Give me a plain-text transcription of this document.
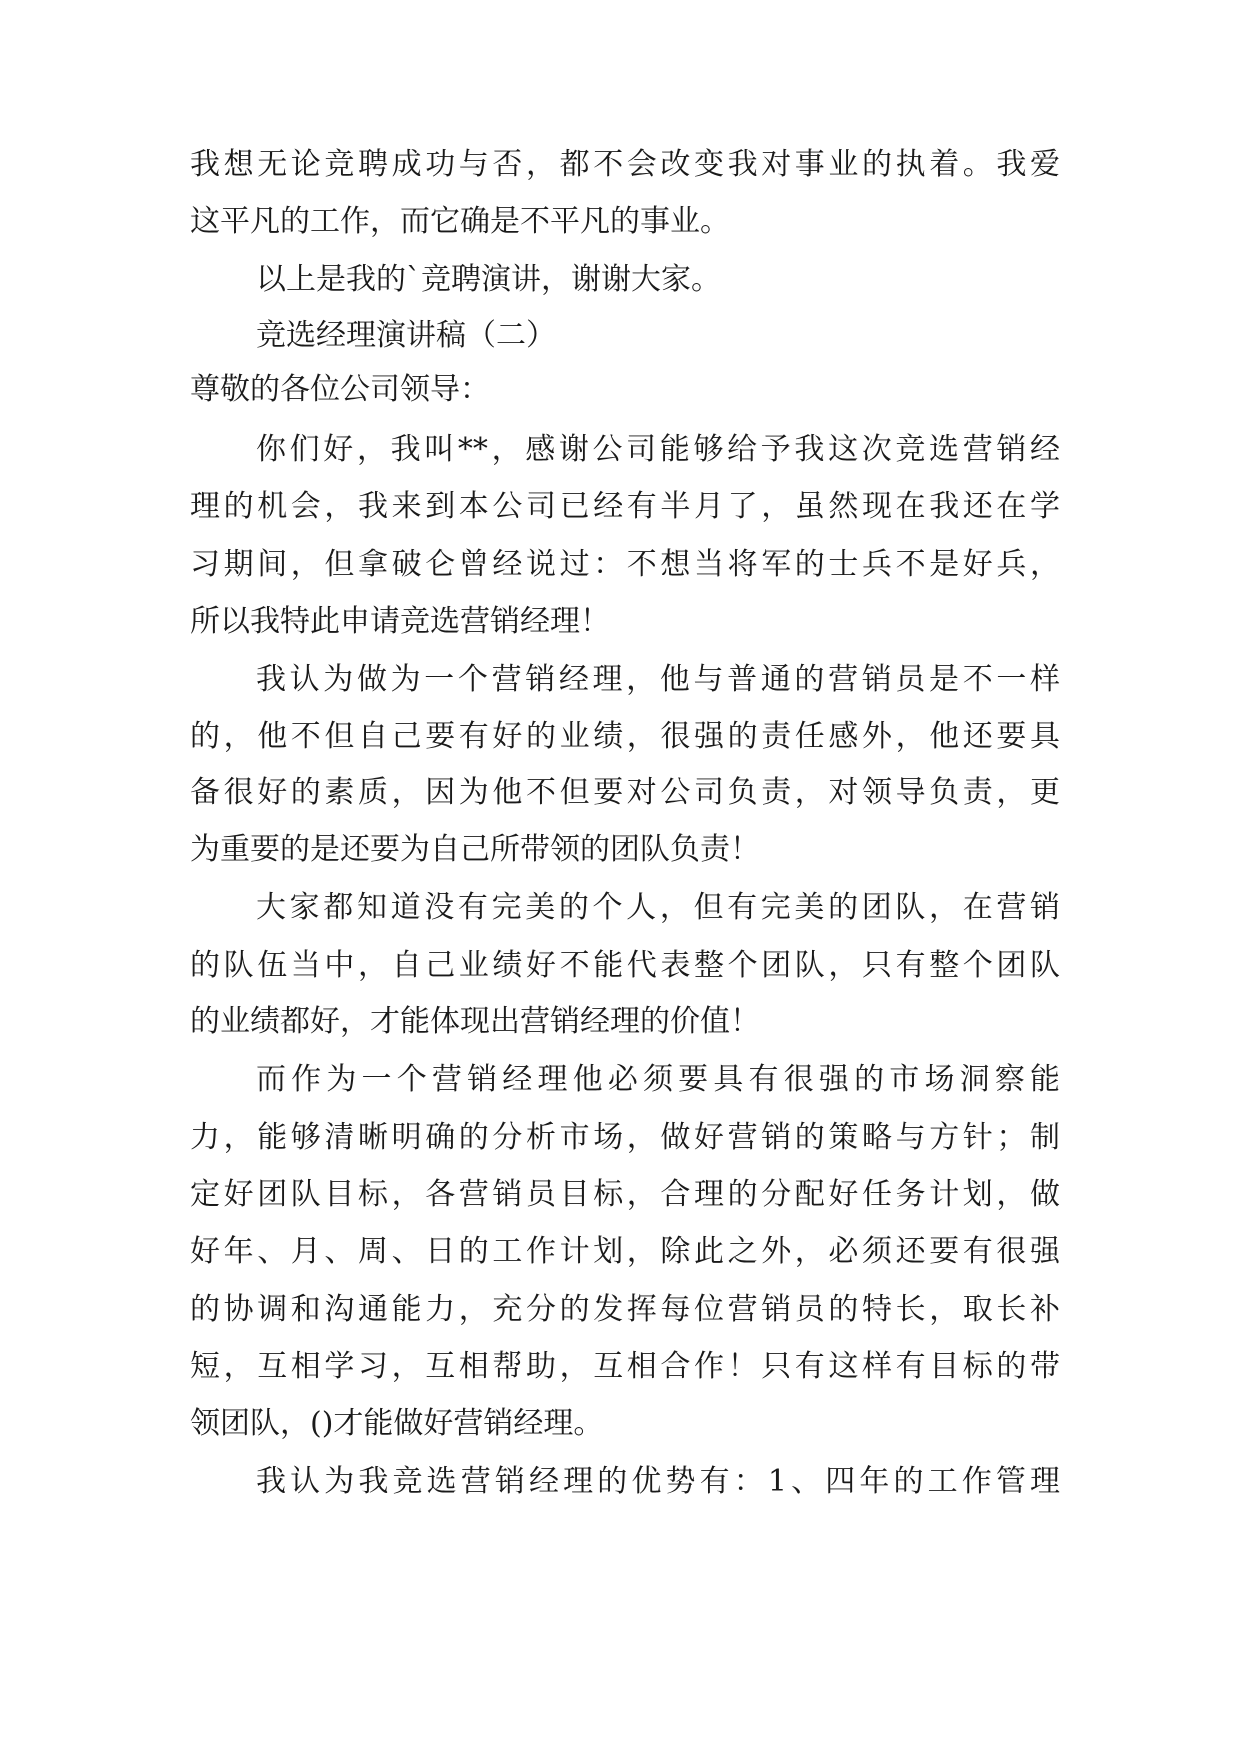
我想无论竞聘成功与否，都不会改变我对事业的执着。我爱
这平凡的工作，而它确是不平凡的事业。
以上是我的`竞聘演讲，谢谢大家。
竞选经理演讲稿（二）
尊敬的各位公司领导：
你们好，我叫**，感谢公司能够给予我这次竞选营销经
理的机会，我来到本公司已经有半月了，虽然现在我还在学
习期间，但拿破仑曾经说过：不想当将军的士兵不是好兵，
所以我特此申请竞选营销经理！
我认为做为一个营销经理，他与普通的营销员是不一样
的，他不但自己要有好的业绩，很强的责任感外，他还要具
备很好的素质，因为他不但要对公司负责，对领导负责，更
为重要的是还要为自己所带领的团队负责！
大家都知道没有完美的个人，但有完美的团队，在营销
的队伍当中，自己业绩好不能代表整个团队，只有整个团队
的业绩都好，才能体现出营销经理的价值！
而作为一个营销经理他必须要具有很强的市场洞察能
力，能够清晰明确的分析市场，做好营销的策略与方针；制
定好团队目标，各营销员目标，合理的分配好任务计划，做
好年、月、周、日的工作计划，除此之外，必须还要有很强
的协调和沟通能力，充分的发挥每位营销员的特长，取长补
短，互相学习，互相帮助，互相合作！只有这样有目标的带
领团队，()才能做好营销经理。
我认为我竞选营销经理的优势有：1、四年的工作管理
